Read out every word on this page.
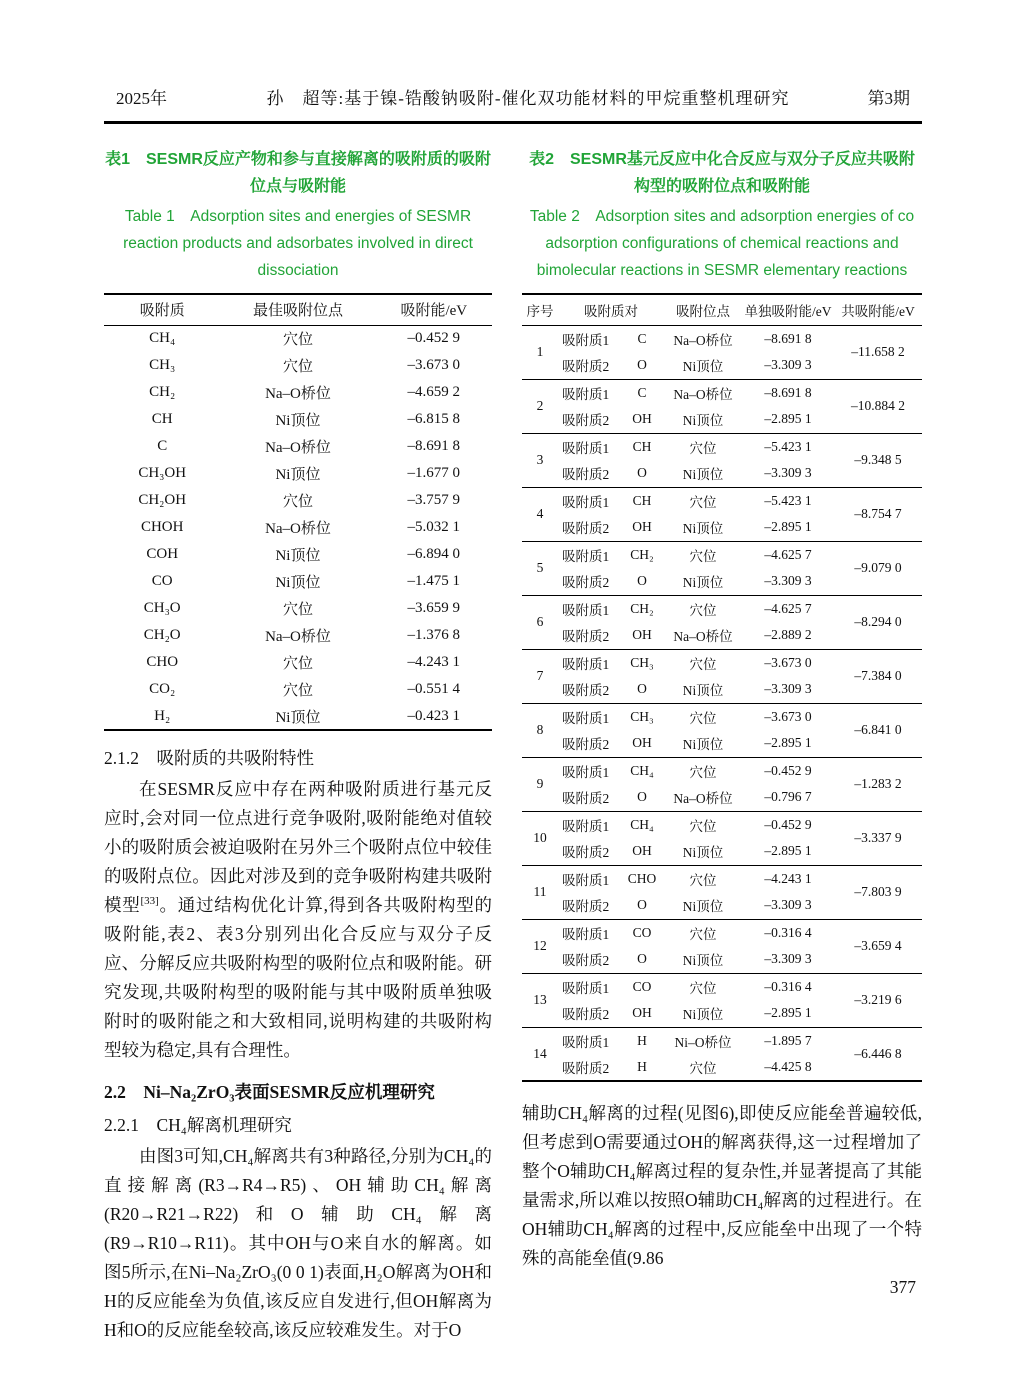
2025年	孙　超等:基于镍-锆酸钠吸附-催化双功能材料的甲烷重整机理研究	第3期
表1　SESMR反应产物和参与直接解离的吸附质的吸附位点与吸附能
Table 1　Adsorption sites and energies of SESMR reaction products and adsorbates involved in direct dissociation
吸附质	最佳吸附位点	吸附能/eV
CH₄	穴位	–0.452 9
CH₃	穴位	–3.673 0
CH₂	Na–O桥位	–4.659 2
CH	Ni顶位	–6.815 8
C	Na–O桥位	–8.691 8
CH₃OH	Ni顶位	–1.677 0
CH₂OH	穴位	–3.757 9
CHOH	Na–O桥位	–5.032 1
COH	Ni顶位	–6.894 0
CO	Ni顶位	–1.475 1
CH₃O	穴位	–3.659 9
CH₂O	Na–O桥位	–1.376 8
CHO	穴位	–4.243 1
CO₂	穴位	–0.551 4
H₂	Ni顶位	–0.423 1
2.1.2　吸附质的共吸附特性

在SESMR反应中存在两种吸附质进行基元反应时,会对同一位点进行竞争吸附,吸附能绝对值较小的吸附质会被迫吸附在另外三个吸附点位中较佳的吸附点位。因此对涉及到的竞争吸附构建共吸附模型[33]。通过结构优化计算,得到各共吸附构型的吸附能,表2、表3分别列出化合反应与双分子反应、分解反应共吸附构型的吸附位点和吸附能。研究发现,共吸附构型的吸附能与其中吸附质单独吸附时的吸附能之和大致相同,说明构建的共吸附构型较为稳定,具有合理性。

2.2　Ni–Na₂ZrO₃表面SESMR反应机理研究
2.2.1　CH₄解离机理研究

由图3可知,CH₄解离共有3种路径,分别为CH₄的直接解离(R3→R4→R5)、OH辅助CH₄解离(R20→R21→R22)和O辅助CH₄解离(R9→R10→R11)。其中OH与O来自水的解离。如图5所示,在Ni–Na₂ZrO₃(0 0 1)表面,H₂O解离为OH和H的反应能垒为负值,该反应自发进行,但OH解离为H和O的反应能垒较高,该反应较难发生。对于O

表2　SESMR基元反应中化合反应与双分子反应共吸附构型的吸附位点和吸附能
Table 2　Adsorption sites and adsorption energies of co adsorption configurations of chemical reactions and bimolecular reactions in SESMR elementary reactions
序号	吸附质对		吸附位点	单独吸附能/eV	共吸附能/eV
1	吸附质1	C	Na–O桥位	–8.691 8	–11.658 2
	吸附质2	O	Ni顶位	–3.309 3	
2	吸附质1	C	Na–O桥位	–8.691 8	–10.884 2
	吸附质2	OH	Ni顶位	–2.895 1	
3	吸附质1	CH	穴位	–5.423 1	–9.348 5
	吸附质2	O	Ni顶位	–3.309 3	
4	吸附质1	CH	穴位	–5.423 1	–8.754 7
	吸附质2	OH	Ni顶位	–2.895 1	
5	吸附质1	CH₂	穴位	–4.625 7	–9.079 0
	吸附质2	O	Ni顶位	–3.309 3	
6	吸附质1	CH₂	穴位	–4.625 7	–8.294 0
	吸附质2	OH	Na–O桥位	–2.889 2	
7	吸附质1	CH₃	穴位	–3.673 0	–7.384 0
	吸附质2	O	Ni顶位	–3.309 3	
8	吸附质1	CH₃	穴位	–3.673 0	–6.841 0
	吸附质2	OH	Ni顶位	–2.895 1	
9	吸附质1	CH₄	穴位	–0.452 9	–1.283 2
	吸附质2	O	Na–O桥位	–0.796 7	
10	吸附质1	CH₄	穴位	–0.452 9	–3.337 9
	吸附质2	OH	Ni顶位	–2.895 1	
11	吸附质1	CHO	穴位	–4.243 1	–7.803 9
	吸附质2	O	Ni顶位	–3.309 3	
12	吸附质1	CO	穴位	–0.316 4	–3.659 4
	吸附质2	O	Ni顶位	–3.309 3	
13	吸附质1	CO	穴位	–0.316 4	–3.219 6
	吸附质2	OH	Ni顶位	–2.895 1	
14	吸附质1	H	Ni–O桥位	–1.895 7	–6.446 8
	吸附质2	H	穴位	–4.425 8	

辅助CH₄解离的过程(见图6),即使反应能垒普遍较低,但考虑到O需要通过OH的解离获得,这一过程增加了整个O辅助CH₄解离过程的复杂性,并显著提高了其能量需求,所以难以按照O辅助CH₄解离的过程进行。在OH辅助CH₄解离的过程中,反应能垒中出现了一个特殊的高能垒值(9.86

377
